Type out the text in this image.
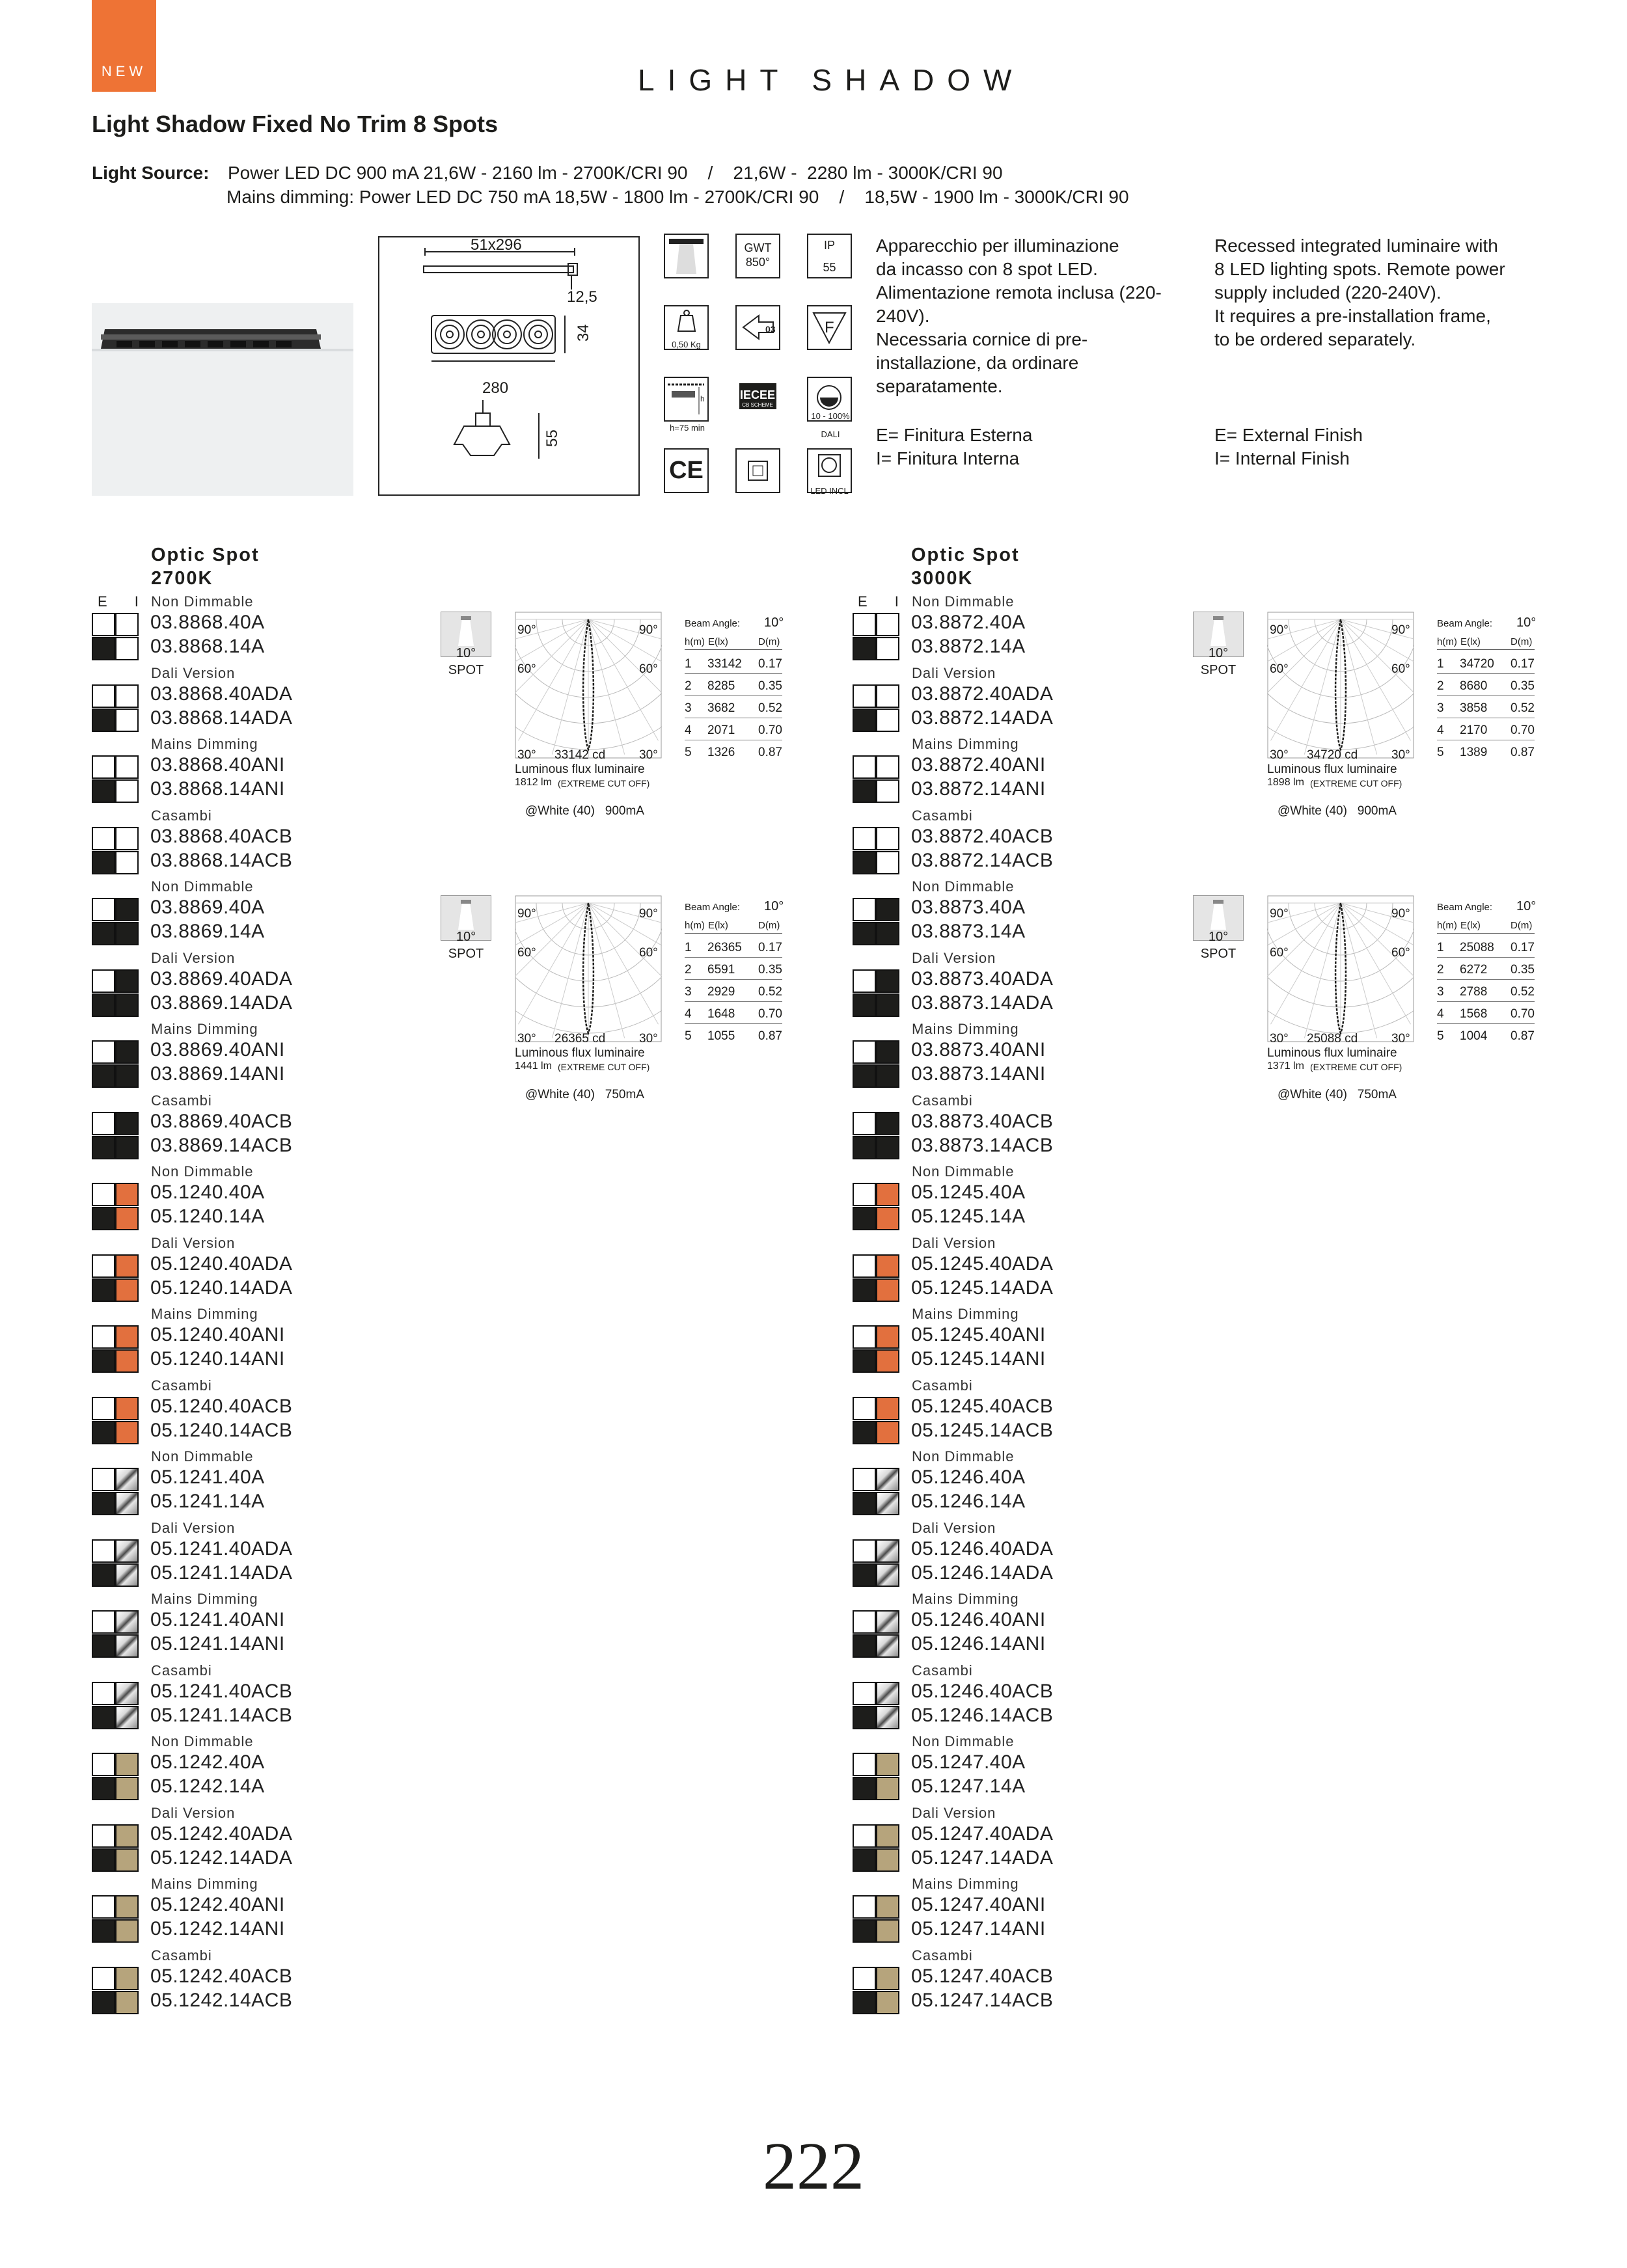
NEW	LIGHT SHADOW
Light Shadow Fixed No Trim 8 Spots
Light Source: Power LED DC 900 mA 21,6W - 2160 lm - 2700K/CRI 90    /    21,6W -  2280 lm - 3000K/CRI 90
Mains dimming: Power LED DC 750 mA 18,5W - 1800 lm - 2700K/CRI 90    /    18,5W - 1900 lm - 3000K/CRI 90
51x296
12,5
34
280
55
GWT
850°
IP
55
0,50 Kg
03	F
h
h=75 min
IECEE
CB SCHEME
10 - 100%
DALI
CE
LED INCL
Apparecchio per illuminazione
da incasso con 8 spot LED.
Alimentazione remota inclusa (220-
240V).
Necessaria cornice di pre-
installazione, da ordinare
separatamente.
Recessed integrated luminaire with
8 LED lighting spots. Remote power
supply included (220-240V).
It requires a pre-installation frame,
to be ordered separately.
E= Finitura Esterna
I= Finitura Interna
E= External Finish
I= Internal Finish
Optic Spot
2700K
E I
Optic Spot
3000K
E I
Non Dimmable
03.8868.40A
03.8868.14A
Dali Version
03.8868.40ADA
03.8868.14ADA
Mains Dimming
03.8868.40ANI
03.8868.14ANI
Casambi
03.8868.40ACB
03.8868.14ACB
Non Dimmable
03.8869.40A
03.8869.14A
Dali Version
03.8869.40ADA
03.8869.14ADA
Mains Dimming
03.8869.40ANI
03.8869.14ANI
Casambi
03.8869.40ACB
03.8869.14ACB
Non Dimmable
05.1240.40A
05.1240.14A
Dali Version
05.1240.40ADA
05.1240.14ADA
Mains Dimming
05.1240.40ANI
05.1240.14ANI
Casambi
05.1240.40ACB
05.1240.14ACB
Non Dimmable
05.1241.40A
05.1241.14A
Dali Version
05.1241.40ADA
05.1241.14ADA
Mains Dimming
05.1241.40ANI
05.1241.14ANI
Casambi
05.1241.40ACB
05.1241.14ACB
Non Dimmable
05.1242.40A
05.1242.14A
Dali Version
05.1242.40ADA
05.1242.14ADA
Mains Dimming
05.1242.40ANI
05.1242.14ANI
Casambi
05.1242.40ACB
05.1242.14ACB
Non Dimmable
03.8872.40A
03.8872.14A
Dali Version
03.8872.40ADA
03.8872.14ADA
Mains Dimming
03.8872.40ANI
03.8872.14ANI
Casambi
03.8872.40ACB
03.8872.14ACB
Non Dimmable
03.8873.40A
03.8873.14A
Dali Version
03.8873.40ADA
03.8873.14ADA
Mains Dimming
03.8873.40ANI
03.8873.14ANI
Casambi
03.8873.40ACB
03.8873.14ACB
Non Dimmable
05.1245.40A
05.1245.14A
Dali Version
05.1245.40ADA
05.1245.14ADA
Mains Dimming
05.1245.40ANI
05.1245.14ANI
Casambi
05.1245.40ACB
05.1245.14ACB
Non Dimmable
05.1246.40A
05.1246.14A
Dali Version
05.1246.40ADA
05.1246.14ADA
Mains Dimming
05.1246.40ANI
05.1246.14ANI
Casambi
05.1246.40ACB
05.1246.14ACB
Non Dimmable
05.1247.40A
05.1247.14A
Dali Version
05.1247.40ADA
05.1247.14ADA
Mains Dimming
05.1247.40ANI
05.1247.14ANI
Casambi
05.1247.40ACB
05.1247.14ACB
10°
SPOT
90°	90°
60°	60°
30°	30°
33142 cd
Luminous flux luminaire
1812 lm (EXTREME CUT OFF)
@White (40)   900mA
Beam Angle: 10°
h(m) E(lx)	D(m)
1 33142 0.17
2 8285 0.35
3 3682 0.52
4 2071 0.70
5 1326 0.87
10°
SPOT
90°	90°
60°	60°
30°	30°
26365 cd
Luminous flux luminaire
1441 lm (EXTREME CUT OFF)
@White (40)   750mA
Beam Angle: 10°
h(m) E(lx)	D(m)
1 26365 0.17
2 6591 0.35
3 2929 0.52
4 1648 0.70
5 1055 0.87
10°
SPOT
90°	90°
60°	60°
30°	30°
34720 cd
Luminous flux luminaire
1898 lm (EXTREME CUT OFF)
@White (40)   900mA
Beam Angle: 10°
h(m) E(lx)	D(m)
1 34720 0.17
2 8680 0.35
3 3858 0.52
4 2170 0.70
5 1389 0.87
10°
SPOT
90°	90°
60°	60°
30°	30°
25088 cd
Luminous flux luminaire
1371 lm (EXTREME CUT OFF)
@White (40)   750mA
Beam Angle: 10°
h(m) E(lx)	D(m)
1 25088 0.17
2 6272 0.35
3 2788 0.52
4 1568 0.70
5 1004 0.87
222
